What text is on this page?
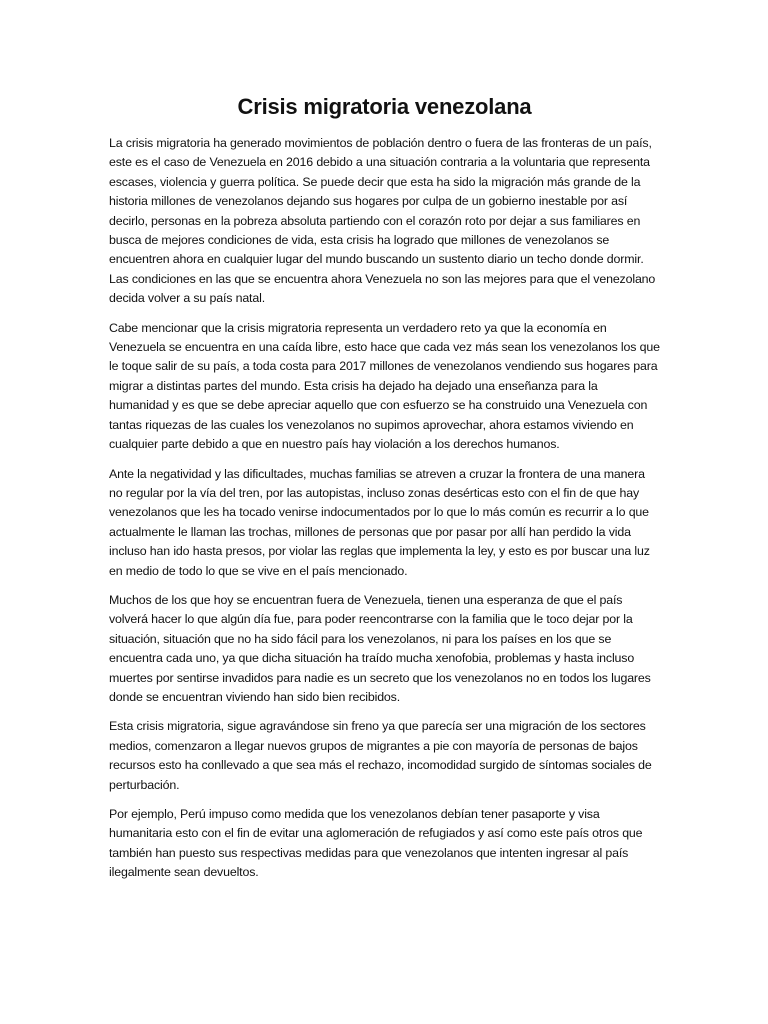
Crisis migratoria venezolana

La crisis migratoria ha generado movimientos de población dentro o fuera de las fronteras de un país, este es el caso de Venezuela en 2016 debido a una situación contraria a la voluntaria que representa escases, violencia y guerra política. Se puede decir que esta ha sido la migración más grande de la historia millones de venezolanos dejando sus hogares por culpa de un gobierno inestable por así decirlo, personas en la pobreza absoluta partiendo con el corazón roto por dejar a sus familiares en busca de mejores condiciones de vida, esta crisis ha logrado que millones de venezolanos se encuentren ahora en cualquier lugar del mundo buscando un sustento diario un techo donde dormir. Las condiciones en las que se encuentra ahora Venezuela no son las mejores para que el venezolano decida volver a su país natal.

Cabe mencionar que la crisis migratoria representa un verdadero reto ya que la economía en Venezuela se encuentra en una caída libre, esto hace que cada vez más sean los venezolanos los que le toque salir de su país, a toda costa para 2017 millones de venezolanos vendiendo sus hogares para migrar a distintas partes del mundo. Esta crisis ha dejado ha dejado una enseñanza para la humanidad y es que se debe apreciar aquello que con esfuerzo se ha construido una Venezuela con tantas riquezas de las cuales los venezolanos no supimos aprovechar, ahora estamos viviendo en cualquier parte debido a que en nuestro país hay violación a los derechos humanos.

Ante la negatividad y las dificultades, muchas familias se atreven a cruzar la frontera de una manera no regular por la vía del tren, por las autopistas, incluso zonas desérticas esto con el fin de que hay venezolanos que les ha tocado venirse indocumentados por lo que lo más común es recurrir a lo que actualmente le llaman las trochas, millones de personas que por pasar por allí han perdido la vida incluso han ido hasta presos, por violar las reglas que implementa la ley, y esto es por buscar una luz en medio de todo lo que se vive en el país mencionado.

Muchos de los que hoy se encuentran fuera de Venezuela, tienen una esperanza de que el país volverá hacer lo que algún día fue, para poder reencontrarse con la familia que le toco dejar por la situación, situación que no ha sido fácil para los venezolanos, ni para los países en los que se encuentra cada uno, ya que dicha situación ha traído mucha xenofobia, problemas y hasta incluso muertes por sentirse invadidos para nadie es un secreto que los venezolanos no en todos los lugares donde se encuentran viviendo han sido bien recibidos.

Esta crisis migratoria, sigue agravándose sin freno ya que parecía ser una migración de los sectores medios, comenzaron a llegar nuevos grupos de migrantes a pie con mayoría de personas de bajos recursos esto ha conllevado a que sea más el rechazo, incomodidad surgido de síntomas sociales de perturbación.

Por ejemplo, Perú impuso como medida que los venezolanos debían tener pasaporte y visa humanitaria esto con el fin de evitar una aglomeración de refugiados y así como este país otros que también han puesto sus respectivas medidas para que venezolanos que intenten ingresar al país ilegalmente sean devueltos.
